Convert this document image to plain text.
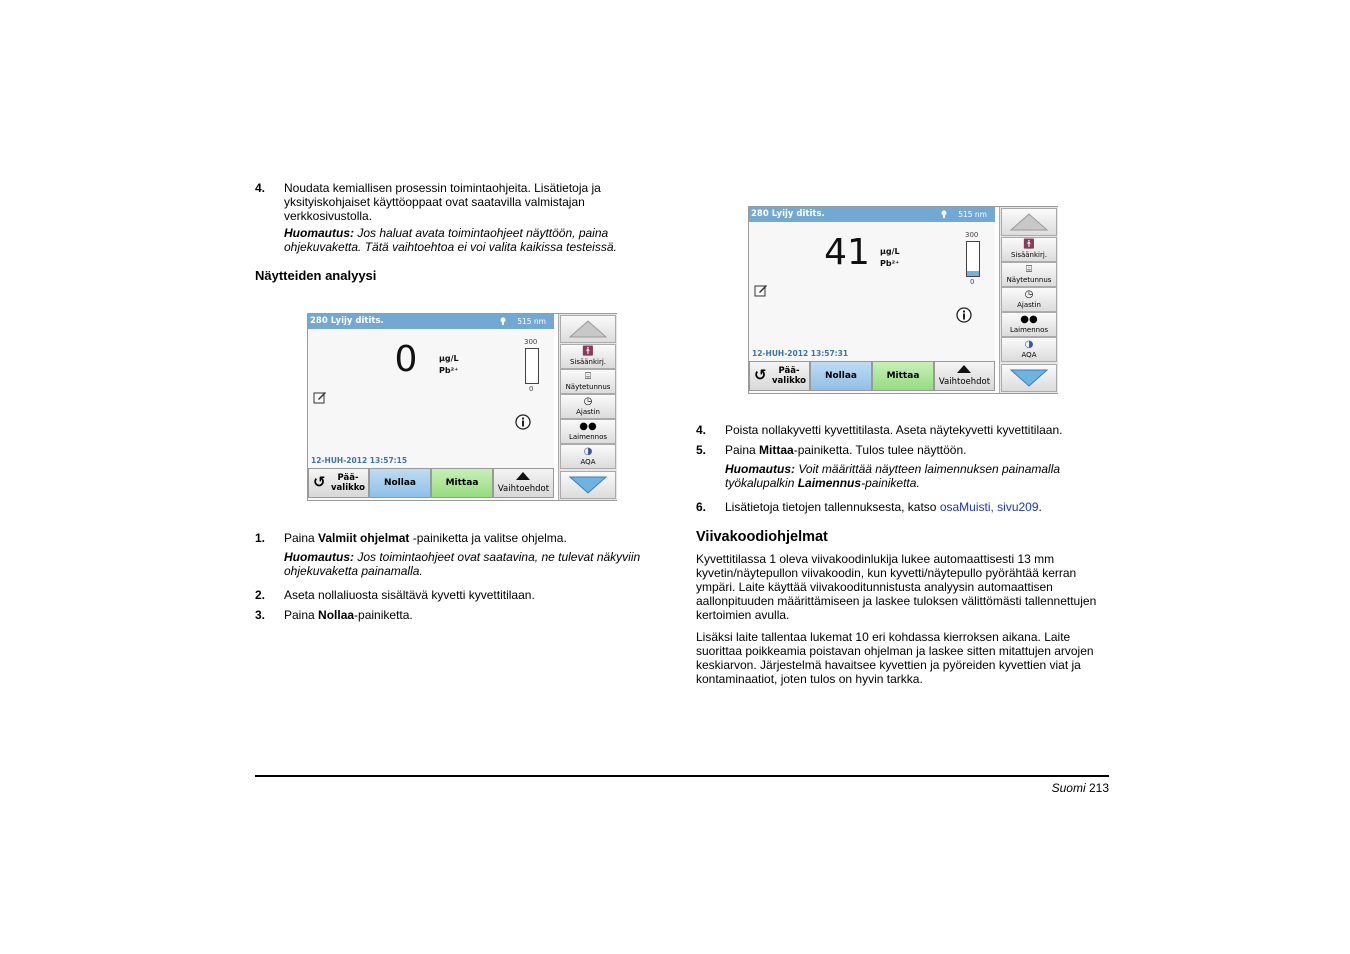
4. Noudata kemiallisen prosessin toimintaohjeita. Lisätietoja ja yksityiskohjaiset käyttöoppaat ovat saatavilla valmistajan verkkosivustolla.
Huomautus: Jos haluat avata toimintaohjeet näyttöön, paina ohjekuvaketta. Tätä vaihtoehtoa ei voi valita kaikissa testeissä.
Näytteiden analyysi
280 Lyijy ditits.	515 nm
0	µg/L
Pb²⁺
300
0
12-HUH-2012 13:57:15
↺	Pää-
valikko	Nollaa	Mittaa
Vaihtoehdot
🚹︎
Sisäänkirj.
⌹
Näytetunnus
◷
Ajastin
●●
Laimennos
◑
AQA
1. Paina Valmiit ohjelmat -painiketta ja valitse ohjelma.
Huomautus: Jos toimintaohjeet ovat saatavina, ne tulevat näkyviin ohjekuvaketta painamalla.
2. Aseta nollaliuosta sisältävä kyvetti kyvettitilaan.
3. Paina Nollaa-painiketta.
280 Lyijy ditits.	515 nm
41	µg/L
Pb²⁺
300
0
12-HUH-2012 13:57:31
↺	Pää-
valikko	Nollaa	Mittaa
Vaihtoehdot
🚹︎
Sisäänkirj.
⌹
Näytetunnus
◷
Ajastin
●●
Laimennos
◑
AQA
4. Poista nollakyvetti kyvettitilasta. Aseta näytekyvetti kyvettitilaan.
5. Paina Mittaa-painiketta. Tulos tulee näyttöön.
Huomautus: Voit määrittää näytteen laimennuksen painamalla työkalupalkin Laimennus-painiketta.
6. Lisätietoja tietojen tallennuksesta, katso osaMuisti, sivu209.
Viivakoodiohjelmat
Kyvettitilassa 1 oleva viivakoodinlukija lukee automaattisesti 13 mm kyvetin/näytepullon viivakoodin, kun kyvetti/näytepullo pyörähtää kerran ympäri. Laite käyttää viivakooditunnistusta analyysin automaattisen aallonpituuden määrittämiseen ja laskee tuloksen välittömästi tallennettujen kertoimien avulla.
Lisäksi laite tallentaa lukemat 10 eri kohdassa kierroksen aikana. Laite suorittaa poikkeamia poistavan ohjelman ja laskee sitten mitattujen arvojen keskiarvon. Järjestelmä havaitsee kyvettien ja pyöreiden kyvettien viat ja kontaminaatiot, joten tulos on hyvin tarkka.
Suomi 213
